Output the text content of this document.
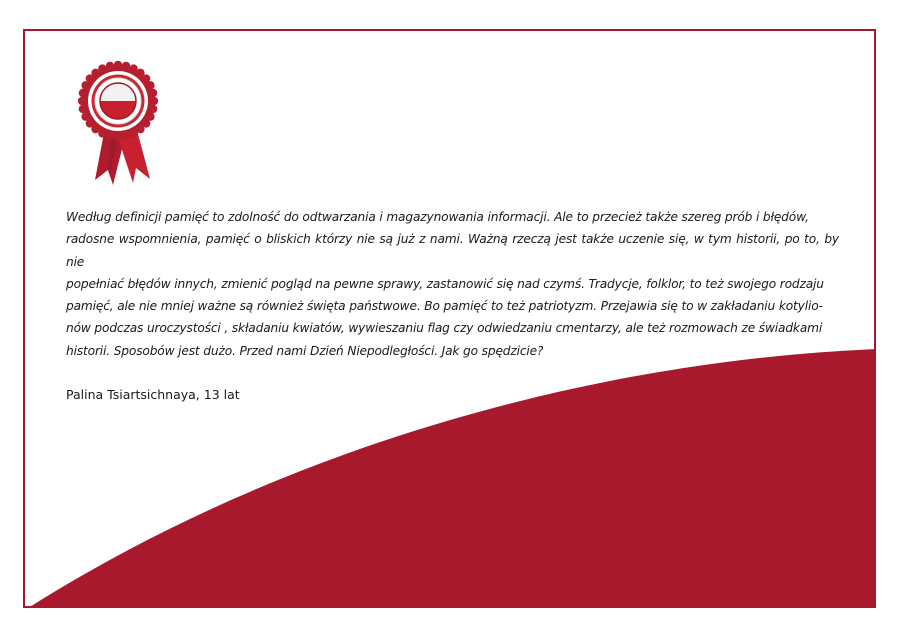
Według definicji pamięć to zdolność do odtwarzania i magazynowania informacji. Ale to przecież także szereg prób i błędów,
radosne wspomnienia, pamięć o bliskich którzy nie są już z nami. Ważną rzeczą jest także uczenie się, w tym historii, po to, by nie
popełniać błędów innych, zmienić pogląd na pewne sprawy, zastanowić się nad czymś. Tradycje, folklor, to też swojego rodzaju
pamięć, ale nie mniej ważne są również święta państwowe. Bo pamięć to też patriotyzm. Przejawia się to w zakładaniu kotylio-
nów podczas uroczystości , składaniu kwiatów, wywieszaniu flag czy odwiedzaniu cmentarzy, ale też rozmowach ze świadkami
historii. Sposobów jest dużo. Przed nami Dzień Niepodległości. Jak go spędzicie?

Palina Tsiartsichnaya, 13 lat
